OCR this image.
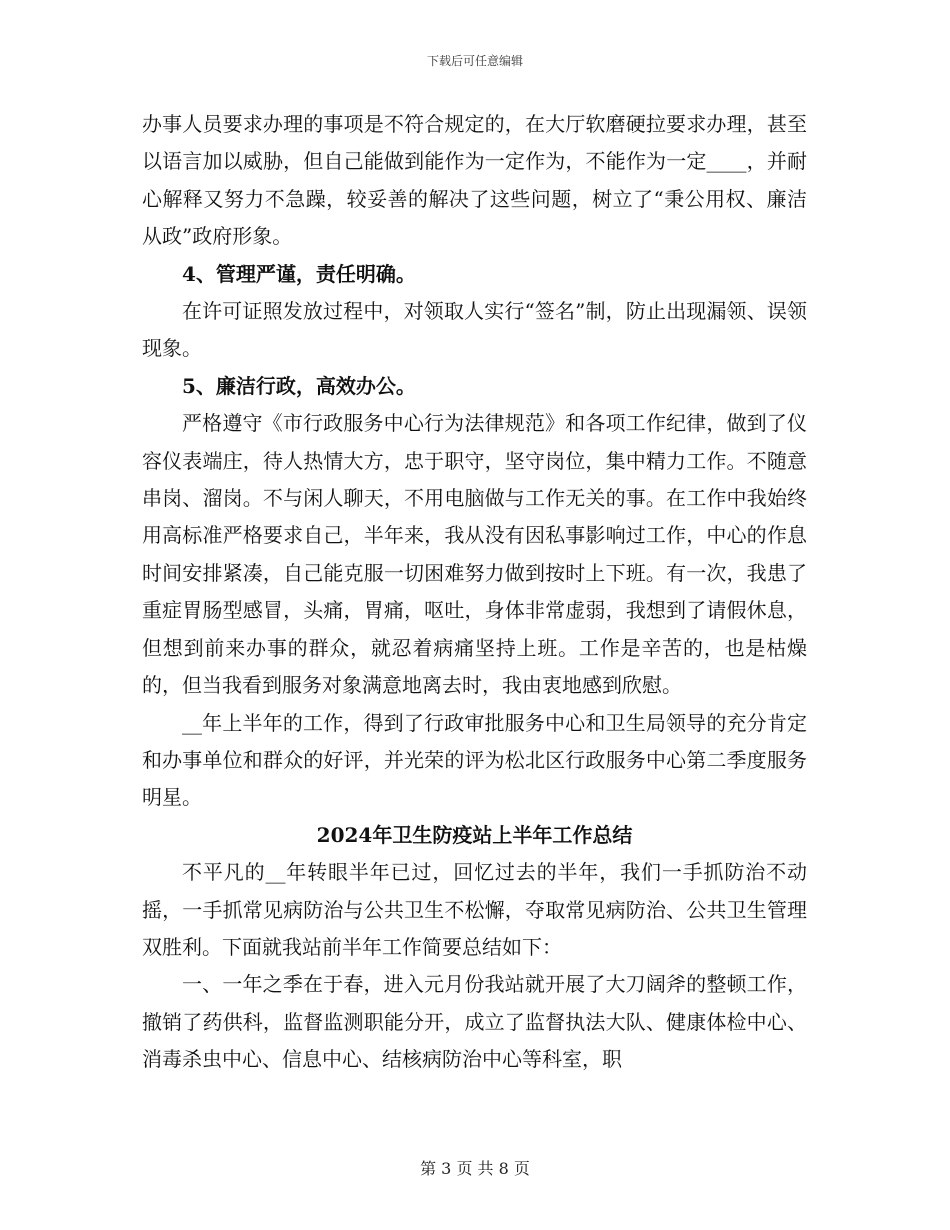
下载后可任意编辑

办事人员要求办理的事项是不符合规定的，在大厅软磨硬拉要求办理，甚至以语言加以威胁，但自己能做到能作为一定作为，不能作为一定____，并耐心解释又努力不急躁，较妥善的解决了这些问题，树立了“秉公用权、廉洁从政”政府形象。

4、管理严谨，责任明确。

在许可证照发放过程中，对领取人实行“签名”制，防止出现漏领、误领现象。

5、廉洁行政，高效办公。

严格遵守《市行政服务中心行为法律规范》和各项工作纪律，做到了仪容仪表端庄，待人热情大方，忠于职守，坚守岗位，集中精力工作。不随意串岗、溜岗。不与闲人聊天，不用电脑做与工作无关的事。在工作中我始终用高标准严格要求自己，半年来，我从没有因私事影响过工作，中心的作息时间安排紧凑，自己能克服一切困难努力做到按时上下班。有一次，我患了重症胃肠型感冒，头痛，胃痛，呕吐，身体非常虚弱，我想到了请假休息，但想到前来办事的群众，就忍着病痛坚持上班。工作是辛苦的，也是枯燥的，但当我看到服务对象满意地离去时，我由衷地感到欣慰。

__年上半年的工作，得到了行政审批服务中心和卫生局领导的充分肯定和办事单位和群众的好评，并光荣的评为松北区行政服务中心第二季度服务明星。

2024年卫生防疫站上半年工作总结

不平凡的__年转眼半年已过，回忆过去的半年，我们一手抓防治不动摇，一手抓常见病防治与公共卫生不松懈，夺取常见病防治、公共卫生管理双胜利。下面就我站前半年工作简要总结如下：

一、一年之季在于春，进入元月份我站就开展了大刀阔斧的整顿工作，撤销了药供科，监督监测职能分开，成立了监督执法大队、健康体检中心、消毒杀虫中心、信息中心、结核病防治中心等科室，职

第 3 页 共 8 页
